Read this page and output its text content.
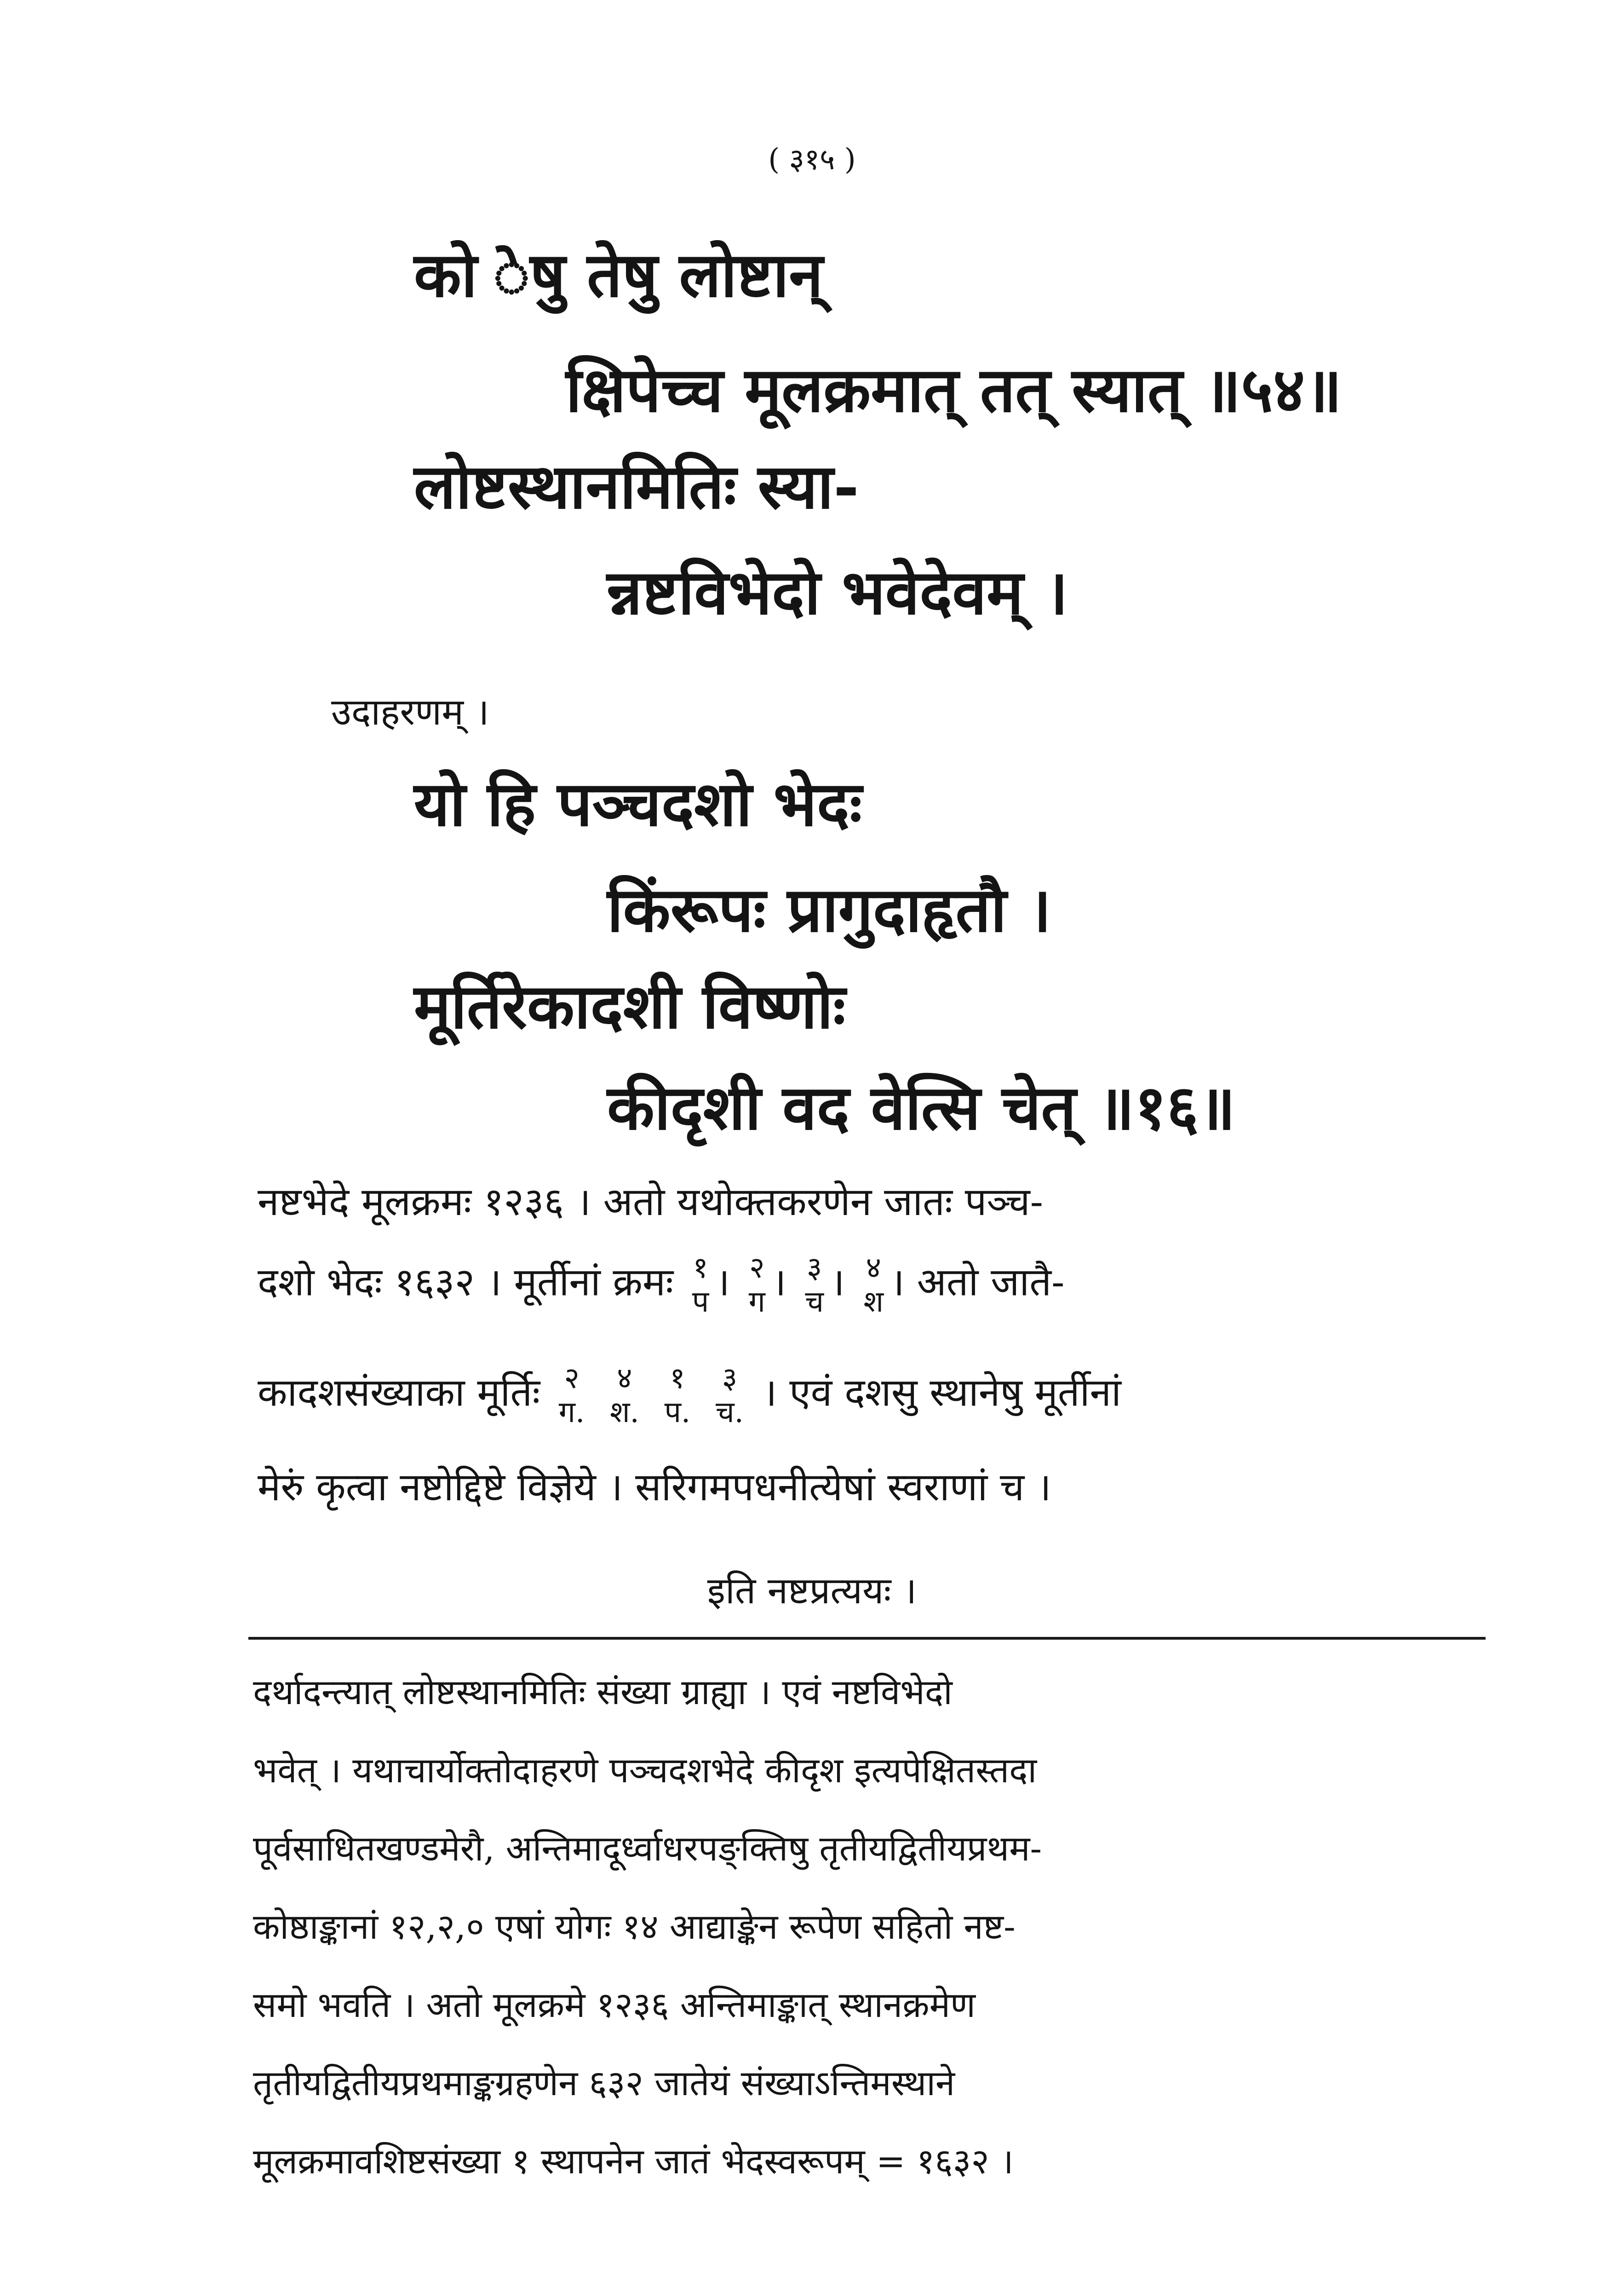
( ३१५ )
को ेषु तेषु लोष्टान्
क्षिपेच्च मूलक्रमात् तत् स्यात् ॥५४॥
लोष्टस्थानमितिः स्या-
न्नष्टविभेदो भवेदेवम् ।
उदाहरणम् ।
यो हि पञ्चदशो भेदः
किंरूपः प्रागुदाहृतौ ।
मूर्तिरेकादशी विष्णोः
कीदृशी वद वेत्सि चेत् ॥१६॥
नष्टभेदे मूलक्रमः १२३६ । अतो यथोक्तकरणेन जातः पञ्च-
दशो भेदः १६३२ । मूर्तीनां क्रमः १
प । २
ग । ३
च । ४
श । अतो जातै-
कादशसंख्याका मूर्तिः २
ग.

४
श.

१
प.

३
च. । एवं दशसु स्थानेषु मूर्तीनां
मेरुं कृत्वा नष्टोद्दिष्टे विज्ञेये । सरिगमपधनीत्येषां स्वराणां च ।
इति नष्टप्रत्ययः ।
दर्थादन्त्यात् लोष्टस्थानमितिः संख्या ग्राह्या । एवं नष्टविभेदो
भवेत् । यथाचार्योक्तोदाहरणे पञ्चदशभेदे कीदृश इत्यपेक्षितस्तदा
पूर्वसाधितखण्डमेरौ, अन्तिमादूर्ध्वाधरपङ्क्तिषु तृतीयद्वितीयप्रथम-
कोष्ठाङ्कानां १२,२,० एषां योगः १४ आद्याङ्केन रूपेण सहितो नष्ट-
समो भवति । अतो मूलक्रमे १२३६ अन्तिमाङ्कात् स्थानक्रमेण
तृतीयद्वितीयप्रथमाङ्कग्रहणेन ६३२ जातेयं संख्याऽन्तिमस्थाने
मूलक्रमावशिष्टसंख्या १ स्थापनेन जातं भेदस्वरूपम् = १६३२ ।
